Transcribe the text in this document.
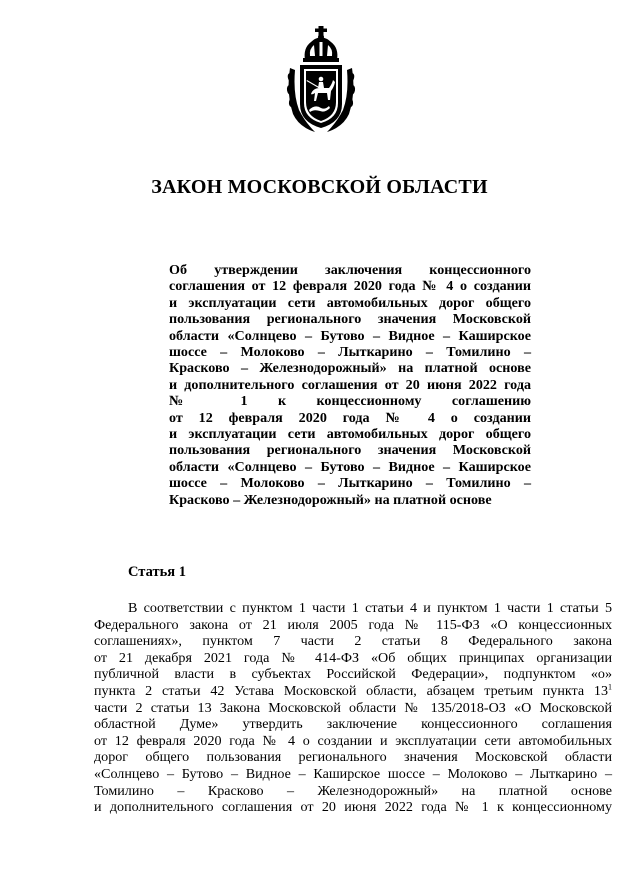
ЗАКОН МОСКОВСКОЙ ОБЛАСТИ
Об утверждении заключения концессионного
соглашения от 12 февраля 2020 года № 4 о создании
и эксплуатации сети автомобильных дорог общего
пользования регионального значения Московской
области «Солнцево – Бутово – Видное – Каширское
шоссе – Молоково – Лыткарино – Томилино –
Красково – Железнодорожный» на платной основе
и дополнительного соглашения от 20 июня 2022 года
№ 1 к концессионному соглашению
от 12 февраля 2020 года № 4 о создании
и эксплуатации сети автомобильных дорог общего
пользования регионального значения Московской
области «Солнцево – Бутово – Видное – Каширское
шоссе – Молоково – Лыткарино – Томилино –
Красково – Железнодорожный» на платной основе
Статья 1
В соответствии с пунктом 1 части 1 статьи 4 и пунктом 1 части 1 статьи 5
Федерального закона от 21 июля 2005 года № 115-ФЗ «О концессионных
соглашениях», пунктом 7 части 2 статьи 8 Федерального закона
от 21 декабря 2021 года № 414-ФЗ «Об общих принципах организации
публичной власти в субъектах Российской Федерации», подпунктом «о»
пункта 2 статьи 42 Устава Московской области, абзацем третьим пункта $13^1$
части 2 статьи 13 Закона Московской области № 135/2018-ОЗ «О Московской
областной Думе» утвердить заключение концессионного соглашения
от 12 февраля 2020 года № 4 о создании и эксплуатации сети автомобильных
дорог общего пользования регионального значения Московской области
«Солнцево – Бутово – Видное – Каширское шоссе – Молоково – Лыткарино –
Томилино – Красково – Железнодорожный» на платной основе
и дополнительного соглашения от 20 июня 2022 года № 1 к концессионному
